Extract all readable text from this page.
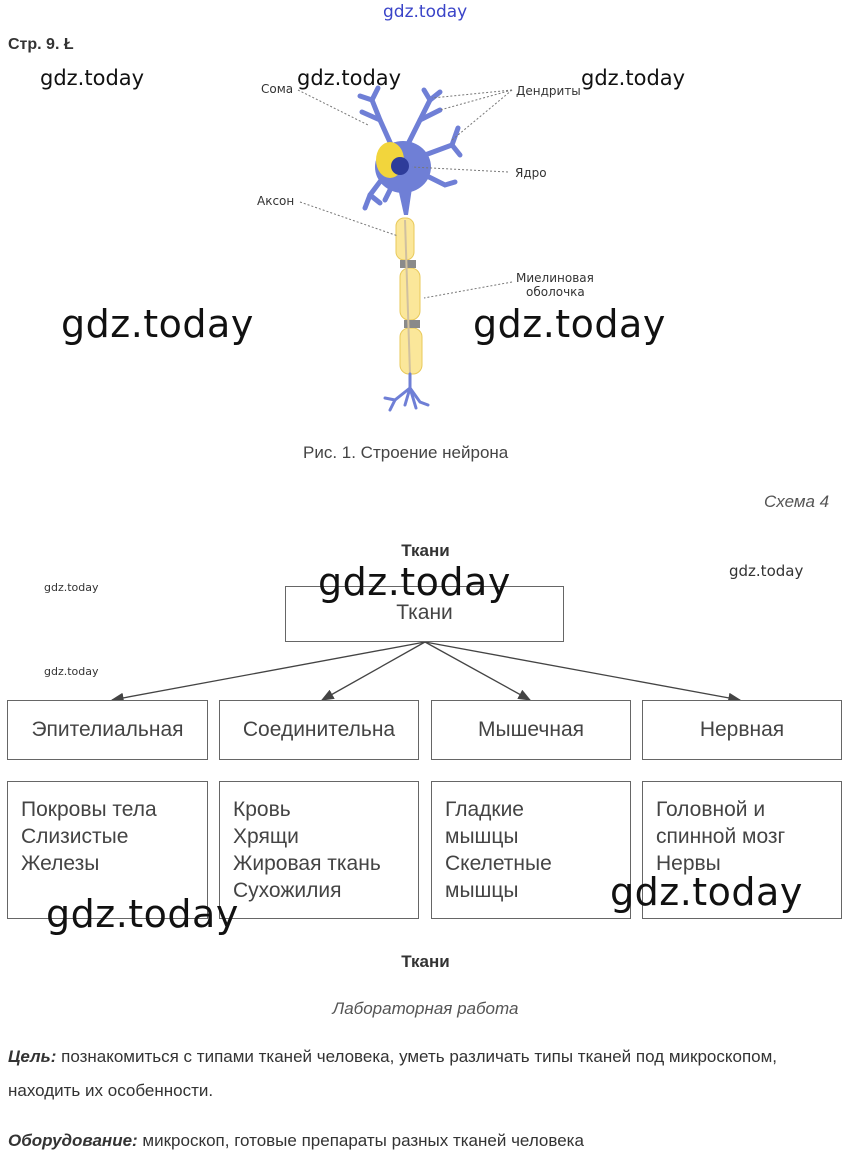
gdz.today
Стр. 9. Ł
Сома	Дендриты
Ядро
Аксон
Миелиновая
оболочка
gdz.today	gdz.today	gdz.today
gdz.today	gdz.today
Рис. 1. Строение нейрона
Схема 4
Ткани
Ткани
Эпителиальная	Соединительна	Мышечная	Нервная
Покровы тела
Слизистые
Железы
Кровь
Хрящи
Жировая ткань
Сухожилия
Гладкие
мышцы
Скелетные
мышцы
Головной и
спинной мозг
Нервы
gdz.today
gdz.today
gdz.today
gdz.today
gdz.today	gdz.today
Ткани
Лабораторная работа
Цель: познакомиться с типами тканей человека, уметь различать типы тканей под микроскопом, находить их особенности.
Оборудование: микроскоп, готовые препараты разных тканей человека
